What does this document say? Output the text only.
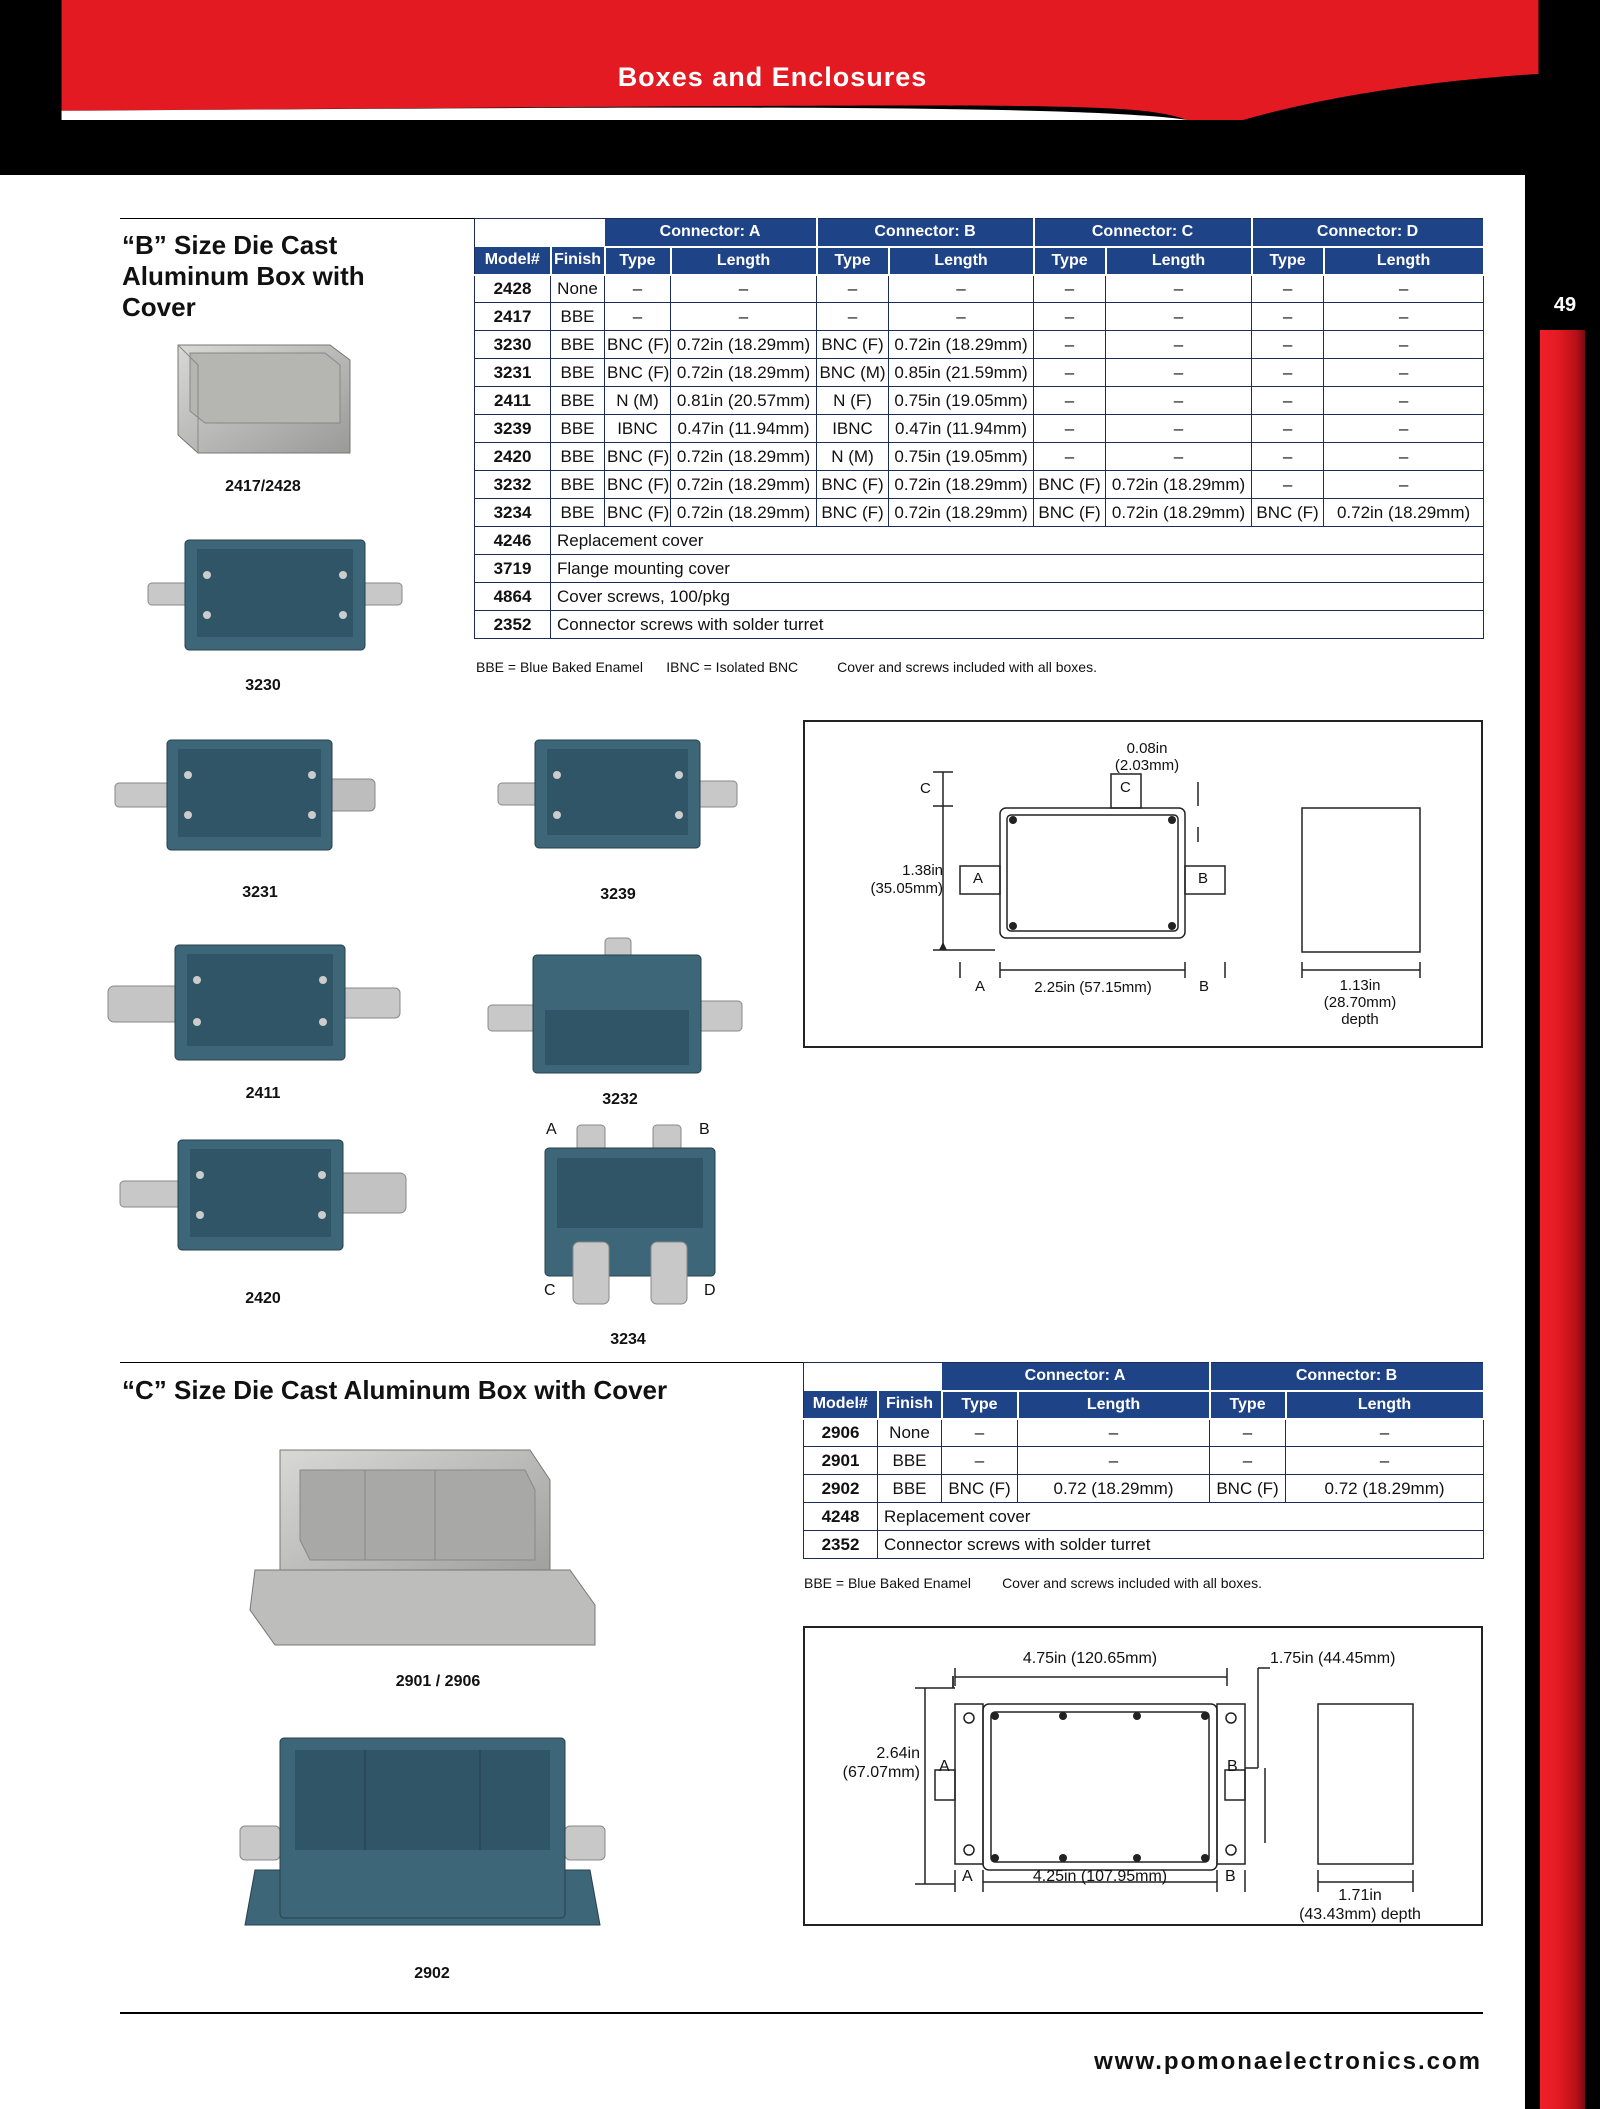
Boxes and Enclosures
49
“B” Size Die Cast
Aluminum Box with
Cover
		Connector: A		Connector: B		Connector: C		Connector: D	
Model#	Finish	Type	Length	Type	Length	Type	Length	Type	Length
2428	None	–	–	–	–	–	–	–	–
2417	BBE	–	–	–	–	–	–	–	–
3230	BBE	BNC (F)	0.72in (18.29mm)	BNC (F)	0.72in (18.29mm)	–	–	–	–
3231	BBE	BNC (F)	0.72in (18.29mm)	BNC (M)	0.85in (21.59mm)	–	–	–	–
2411	BBE	N (M)	0.81in (20.57mm)	N (F)	0.75in (19.05mm)	–	–	–	–
3239	BBE	IBNC	0.47in (11.94mm)	IBNC	0.47in (11.94mm)	–	–	–	–
2420	BBE	BNC (F)	0.72in (18.29mm)	N (M)	0.75in (19.05mm)	–	–	–	–
3232	BBE	BNC (F)	0.72in (18.29mm)	BNC (F)	0.72in (18.29mm)	BNC (F)	0.72in (18.29mm)	–	–
3234	BBE	BNC (F)	0.72in (18.29mm)	BNC (F)	0.72in (18.29mm)	BNC (F)	0.72in (18.29mm)	BNC (F)	0.72in (18.29mm)
4246	Replacement cover								
3719	Flange mounting cover								
4864	Cover screws, 100/pkg								
2352	Connector screws with solder turret								
BBE = Blue Baked Enamel IBNC = Isolated BNC	Cover and screws included with all boxes.
2417/2428
3230
3231	3239
2411	3232
2420
A	B
C	D
3234
0.08in
(2.03mm)
1.38in
(35.05mm)
C	C
A	B
A	B
2.25in (57.15mm)	1.13in
(28.70mm)
depth
“C” Size Die Cast Aluminum Box with Cover
		Connector: A		Connector: B	
Model#	Finish	Type	Length	Type	Length
2906	None	–	–	–	–
2901	BBE	–	–	–	–
2902	BBE	BNC (F)	0.72 (18.29mm)	BNC (F)	0.72 (18.29mm)
4248	Replacement cover				
2352	Connector screws with solder turret				
BBE = Blue Baked Enamel Cover and screws included with all boxes.
2901 / 2906
2902
4.75in (120.65mm)	1.75in (44.45mm)
2.64in
(67.07mm) A	B
A	B
4.25in (107.95mm)
1.71in
(43.43mm) depth
www.pomonaelectronics.com
